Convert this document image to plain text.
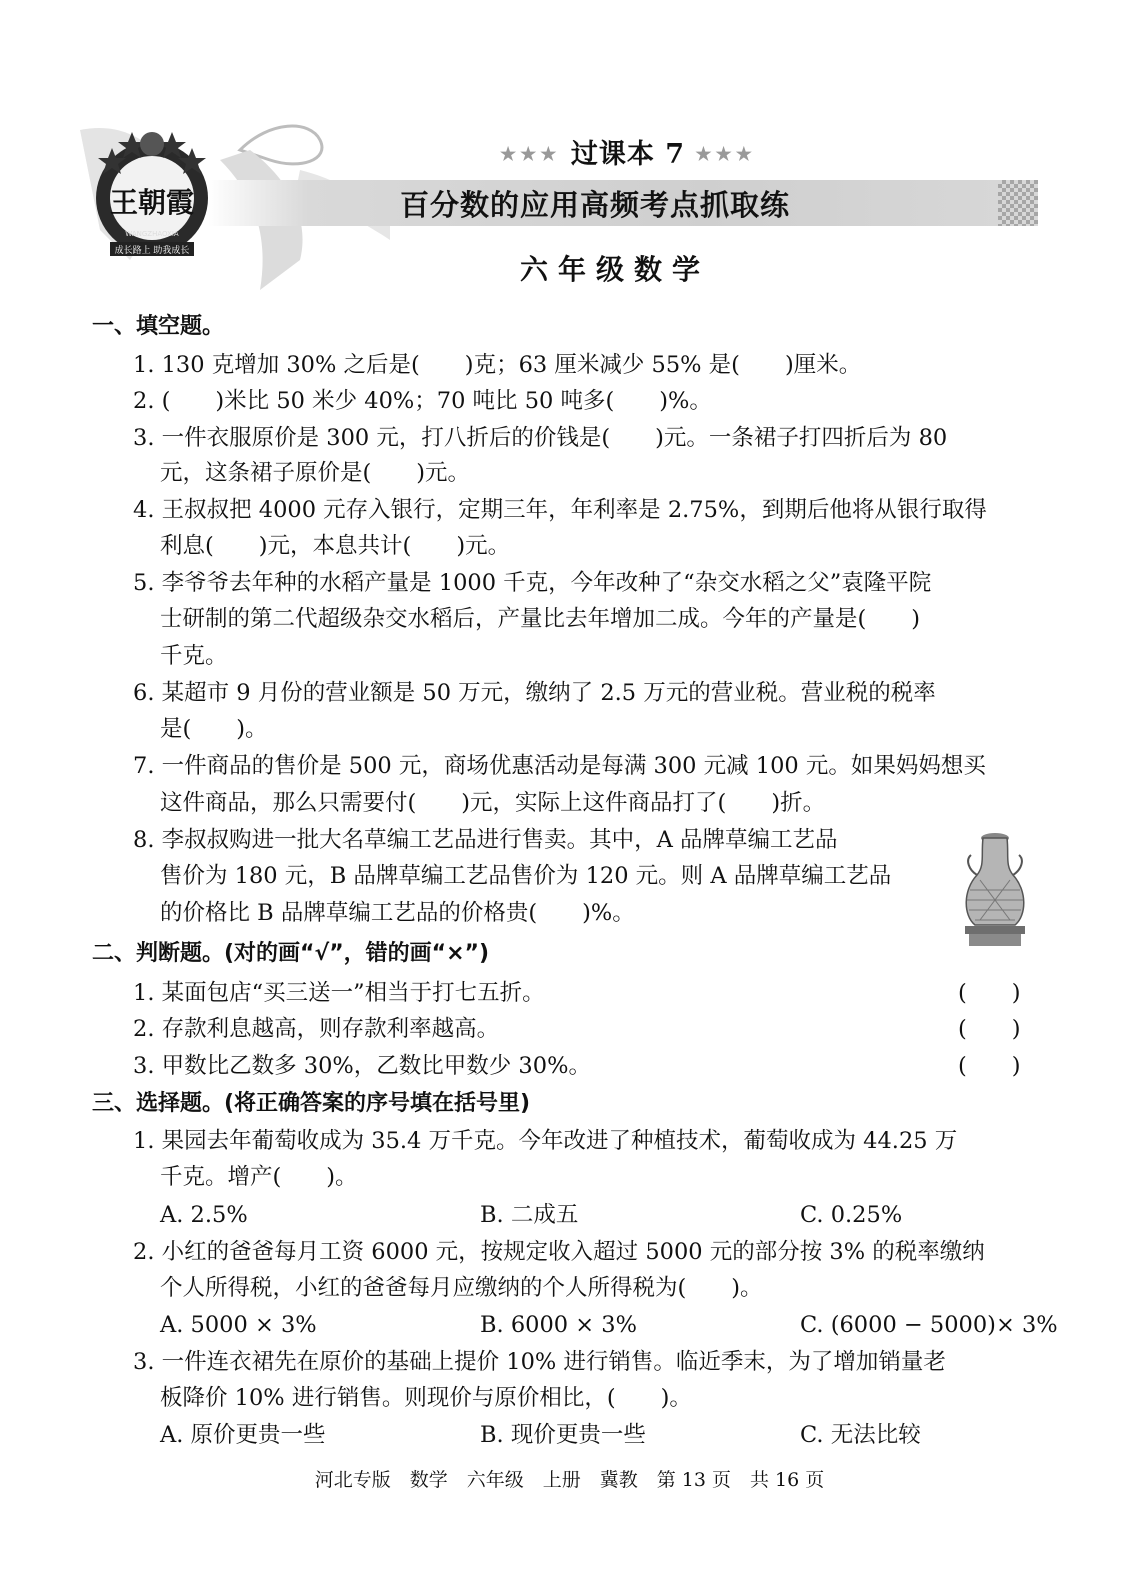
王朝霞
WANGZHAOXIA
成长路上 助我成长
★★★ 过课本 7 ★★★
百分数的应用高频考点抓取练
六年级数学
一、填空题。
1. 130 克增加 30% 之后是(　　)克；63 厘米减少 55% 是(　　)厘米。
2. (　　)米比 50 米少 40%；70 吨比 50 吨多(　　)%。
3. 一件衣服原价是 300 元，打八折后的价钱是(　　)元。一条裙子打四折后为 80
元，这条裙子原价是(　　)元。
4. 王叔叔把 4000 元存入银行，定期三年，年利率是 2.75%，到期后他将从银行取得
利息(　　)元，本息共计(　　)元。
5. 李爷爷去年种的水稻产量是 1000 千克，今年改种了“杂交水稻之父”袁隆平院
士研制的第二代超级杂交水稻后，产量比去年增加二成。今年的产量是(　　)
千克。
6. 某超市 9 月份的营业额是 50 万元，缴纳了 2.5 万元的营业税。营业税的税率
是(　　)。
7. 一件商品的售价是 500 元，商场优惠活动是每满 300 元减 100 元。如果妈妈想买
这件商品，那么只需要付(　　)元，实际上这件商品打了(　　)折。
8. 李叔叔购进一批大名草编工艺品进行售卖。其中，A 品牌草编工艺品
售价为 180 元，B 品牌草编工艺品售价为 120 元。则 A 品牌草编工艺品
的价格比 B 品牌草编工艺品的价格贵(　　)%。
二、判断题。(对的画“√”，错的画“×”)
1. 某面包店“买三送一”相当于打七五折。	(　　)
2. 存款利息越高，则存款利率越高。	(　　)
3. 甲数比乙数多 30%，乙数比甲数少 30%。	(　　)
三、选择题。(将正确答案的序号填在括号里)
1. 果园去年葡萄收成为 35.4 万千克。今年改进了种植技术，葡萄收成为 44.25 万
千克。增产(　　)。
A. 2.5%	B. 二成五	C. 0.25%
2. 小红的爸爸每月工资 6000 元，按规定收入超过 5000 元的部分按 3% 的税率缴纳
个人所得税，小红的爸爸每月应缴纳的个人所得税为(　　)。
A. 5000 × 3%	B. 6000 × 3%	C. (6000 − 5000)× 3%
3. 一件连衣裙先在原价的基础上提价 10% 进行销售。临近季末，为了增加销量老
板降价 10% 进行销售。则现价与原价相比，(　　)。
A. 原价更贵一些	B. 现价更贵一些	C. 无法比较
河北专版　数学　六年级　上册　冀教　第 13 页　共 16 页
